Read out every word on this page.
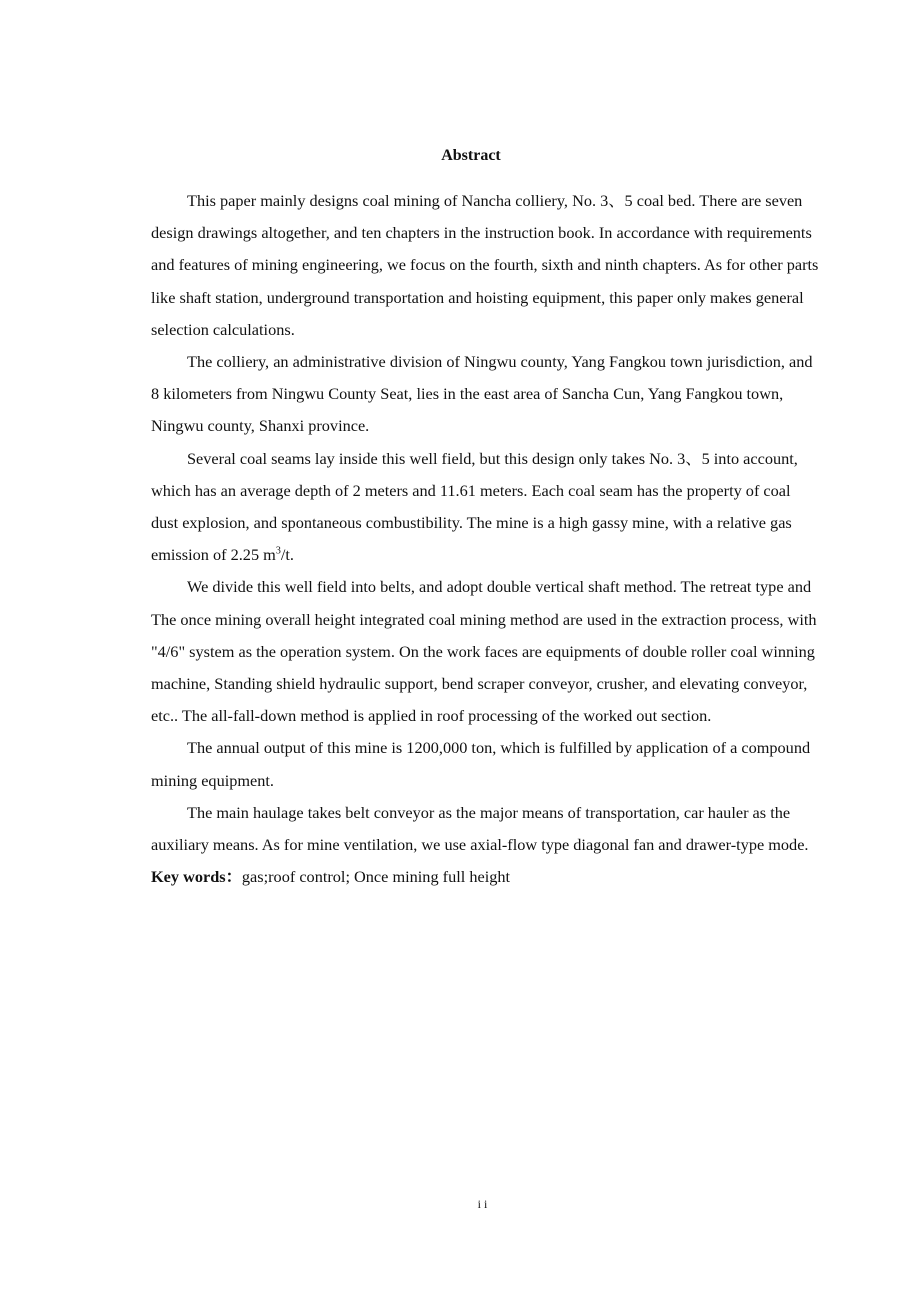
Abstract

This paper mainly designs coal mining of Nancha colliery, No. 3、5 coal bed. There are seven design drawings altogether, and ten chapters in the instruction book. In accordance with requirements and features of mining engineering, we focus on the fourth, sixth and ninth chapters. As for other parts like shaft station, underground transportation and hoisting equipment, this paper only makes general selection calculations.

The colliery, an administrative division of Ningwu county, Yang Fangkou town jurisdiction, and 8 kilometers from Ningwu County Seat, lies in the east area of Sancha Cun, Yang Fangkou town, Ningwu county, Shanxi province.

Several coal seams lay inside this well field, but this design only takes No. 3、5 into account, which has an average depth of 2 meters and 11.61 meters. Each coal seam has the property of coal dust explosion, and spontaneous combustibility. The mine is a high gassy mine, with a relative gas emission of 2.25 $m^3/t$.

We divide this well field into belts, and adopt double vertical shaft method. The retreat type and The once mining overall height integrated coal mining method are used in the extraction process, with "4/6" system as the operation system. On the work faces are equipments of double roller coal winning machine, Standing shield hydraulic support, bend scraper conveyor, crusher, and elevating conveyor, etc.. The all-fall-down method is applied in roof processing of the worked out section.

The annual output of this mine is 1200,000 ton, which is fulfilled by application of a compound mining equipment.

The main haulage takes belt conveyor as the major means of transportation, car hauler as the auxiliary means. As for mine ventilation, we use axial-flow type diagonal fan and drawer-type mode.

Key words：gas;roof control; Once mining full height

ii
